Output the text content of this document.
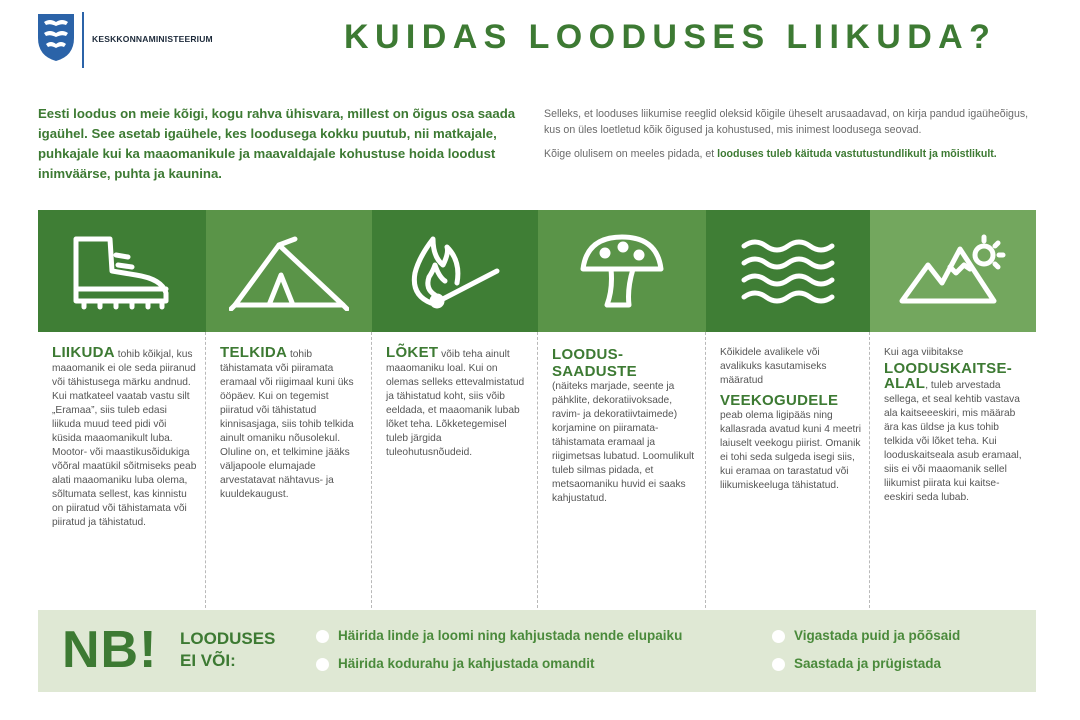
KESKKONNAMINISTEERIUM	KUIDAS LOODUSES LIIKUDA?
Eesti loodus on meie kõigi, kogu rahva ühisvara, millest on õigus osa saada igaühel. See asetab igaühele, kes loodusega kokku puutub, nii matkajale, puhkajale kui ka maaomanikule ja maavaldajale kohustuse hoida loodust inimväärse, puhta ja kaunina.

Selleks, et looduses liikumise reeglid oleksid kõigile üheselt arusaadavad, on kirja pandud igaüheõigus, kus on üles loetletud kõik õigused ja kohustused, mis inimest loodusega seovad.

Kõige olulisem on meeles pidada, et looduses tuleb käituda vastutustundlikult ja mõistlikult.

LIIKUDA tohib kõikjal, kus maaomanik ei ole seda piiranud või tähistusega märku andnud. Kui matkateel vaatab vastu silt „Eramaa”, siis tuleb edasi liikuda muud teed pidi või küsida maaomanikult luba. Mootor- või maastikusõidukiga võõral maatükil sõitmiseks peab alati maaomaniku luba olema, sõltumata sellest, kas kinnistu on piiratud või tähistamata või piiratud ja tähistatud.
TELKIDA tohib tähistamata või piiramata eramaal või riigimaal kuni üks ööpäev. Kui on tegemist piiratud või tähistatud kinnisasjaga, siis tohib telkida ainult omaniku nõusolekul. Oluline on, et telkimine jääks väljapoole elumajade arvestatavat nähtavus- ja kuuldekaugust.
LÕKET võib teha ainult maaomaniku loal. Kui on olemas selleks ettevalmistatud ja tähistatud koht, siis võib eeldada, et maaomanik lubab lõket teha. Lõkketegemisel tuleb järgida tuleohutusnõudeid.
LOODUS-
SAADUSTE
(näiteks marjade, seente ja pähklite, dekoratiivoksade, ravim- ja dekoratiivtaimede) korjamine on piiramata-tähistamata eramaal ja riigimetsas lubatud. Loomulikult tuleb silmas pidada, et metsaomaniku huvid ei saaks kahjustatud.
Kõikidele avalikele või avalikuks kasutamiseks määratud
VEEKOGUDELE
peab olema ligipääs ning kallasrada avatud kuni 4 meetri laiuselt veekogu piirist. Omanik ei tohi seda sulgeda isegi siis, kui eramaa on tarastatud või liikumiskeeluga tähistatud.
Kui aga viibitakse
LOODUSKAITSE-
ALAL, tuleb arvestada sellega, et seal kehtib vastava ala kaitseeeskiri, mis määrab ära kas üldse ja kus tohib telkida või lõket teha. Kui looduskaitseala asub eramaal, siis ei või maaomanik sellel liikumist piirata kui kaitse-eeskiri seda lubab.
NB! LOODUSES
EI VÕI:
Häirida linde ja loomi ning kahjustada nende elupaiku
Häirida kodurahu ja kahjustada omandit
Vigastada puid ja põõsaid
Saastada ja prügistada
